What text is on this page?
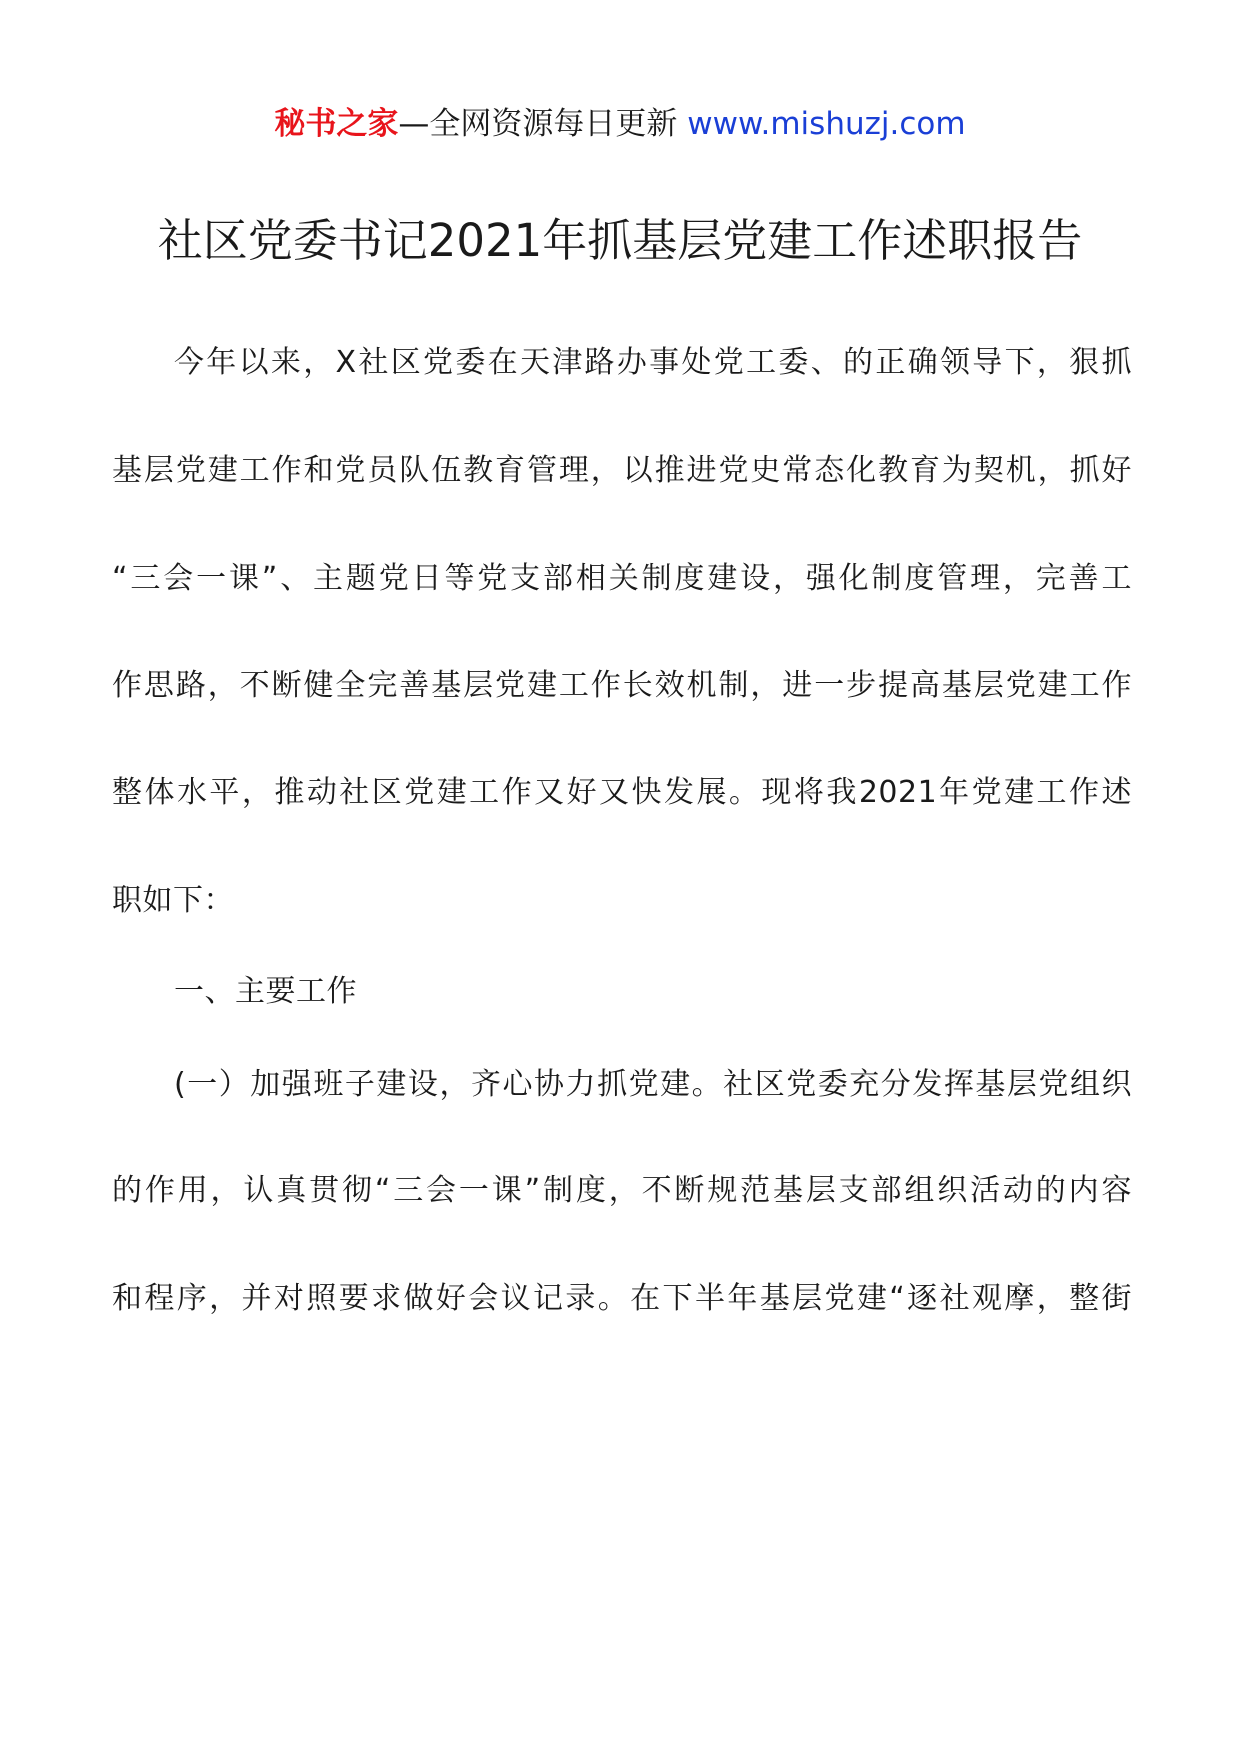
秘书之家—全网资源每日更新 www.mishuzj.com
社区党委书记2021年抓基层党建工作述职报告
今年以来，X社区党委在天津路办事处党工委、的正确领导下，狠抓
基层党建工作和党员队伍教育管理，以推进党史常态化教育为契机，抓好
“三会一课”、主题党日等党支部相关制度建设，强化制度管理，完善工
作思路，不断健全完善基层党建工作长效机制，进一步提高基层党建工作
整体水平，推动社区党建工作又好又快发展。现将我2021年党建工作述
职如下：
一、主要工作
(一）加强班子建设，齐心协力抓党建。社区党委充分发挥基层党组织
的作用，认真贯彻“三会一课”制度，不断规范基层支部组织活动的内容
和程序，并对照要求做好会议记录。在下半年基层党建“逐社观摩，整街
